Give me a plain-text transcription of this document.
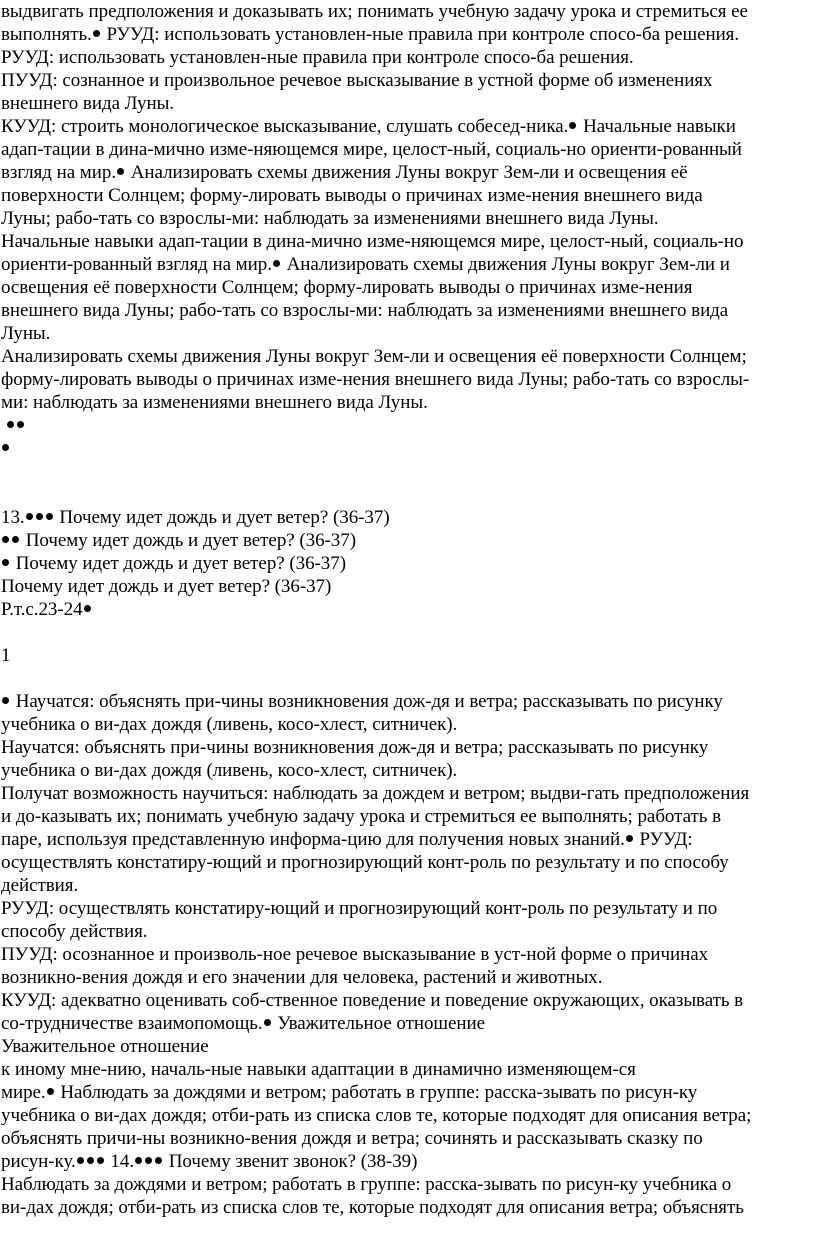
выдвигать предположения и доказывать их; понимать учебную задачу урока и стремиться ее
выполнять. РУУД: использовать установлен-ные правила при контроле спосо-ба решения.
РУУД: использовать установлен-ные правила при контроле спосо-ба решения.
ПУУД: сознанное и произвольное речевое высказывание в устной форме об изменениях
внешнего вида Луны.
КУУД: строить монологическое высказывание, слушать собесед-ника. Начальные навыки
адап-тации в дина-мично изме-няющемся мире, целост-ный, социаль-но ориенти-рованный
взгляд на мир. Анализировать схемы движения Луны вокруг Зем-ли и освещения её
поверхности Солнцем; форму-лировать выводы о причинах изме-нения внешнего вида
Луны; рабо-тать со взрослы-ми: наблюдать за изменениями внешнего вида Луны.
Начальные навыки адап-тации в дина-мично изме-няющемся мире, целост-ный, социаль-но
ориенти-рованный взгляд на мир. Анализировать схемы движения Луны вокруг Зем-ли и
освещения её поверхности Солнцем; форму-лировать выводы о причинах изме-нения
внешнего вида Луны; рабо-тать со взрослы-ми: наблюдать за изменениями внешнего вида
Луны.
Анализировать схемы движения Луны вокруг Зем-ли и освещения её поверхности Солнцем;
форму-лировать выводы о причинах изме-нения внешнего вида Луны; рабо-тать со взрослы-
ми: наблюдать за изменениями внешнего вида Луны.

13. Почему идет дождь и дует ветер? (36-37)
Почему идет дождь и дует ветер? (36-37)
Почему идет дождь и дует ветер? (36-37)
Почему идет дождь и дует ветер? (36-37)
Р.т.с.23-24
1
Научатся: объяснять при-чины возникновения дож-дя и ветра; рассказывать по рисунку
учебника о ви-дах дождя (ливень, косо-хлест, ситничек).
Научатся: объяснять при-чины возникновения дож-дя и ветра; рассказывать по рисунку
учебника о ви-дах дождя (ливень, косо-хлест, ситничек).
Получат возможность научиться: наблюдать за дождем и ветром; выдви-гать предположения
и до-казывать их; понимать учебную задачу урока и стремиться ее выполнять; работать в
паре, используя представленную информа-цию для получения новых знаний. РУУД:
осуществлять констатиру-ющий и прогнозирующий конт-роль по результату и по способу
действия.
РУУД: осуществлять констатиру-ющий и прогнозирующий конт-роль по результату и по
способу действия.
ПУУД: осознанное и произволь-ное речевое высказывание в уст-ной форме о причинах
возникно-вения дождя и его значении для человека, растений и животных.
КУУД: адекватно оценивать соб-ственное поведение и поведение окружающих, оказывать в
со-трудничестве взаимопомощь. Уважительное отношение
Уважительное отношение
к иному мне-нию, началь-ные навыки адаптации в динамично изменяющем-ся
мире. Наблюдать за дождями и ветром; работать в группе: расска-зывать по рисун-ку
учебника о ви-дах дождя; отби-рать из списка слов те, которые подходят для описания ветра;
объяснять причи-ны возникно-вения дождя и ветра; сочинять и рассказывать сказку по
рисун-ку. 14. Почему звенит звонок? (38-39)
Наблюдать за дождями и ветром; работать в группе: расска-зывать по рисун-ку учебника о
ви-дах дождя; отби-рать из списка слов те, которые подходят для описания ветра; объяснять
